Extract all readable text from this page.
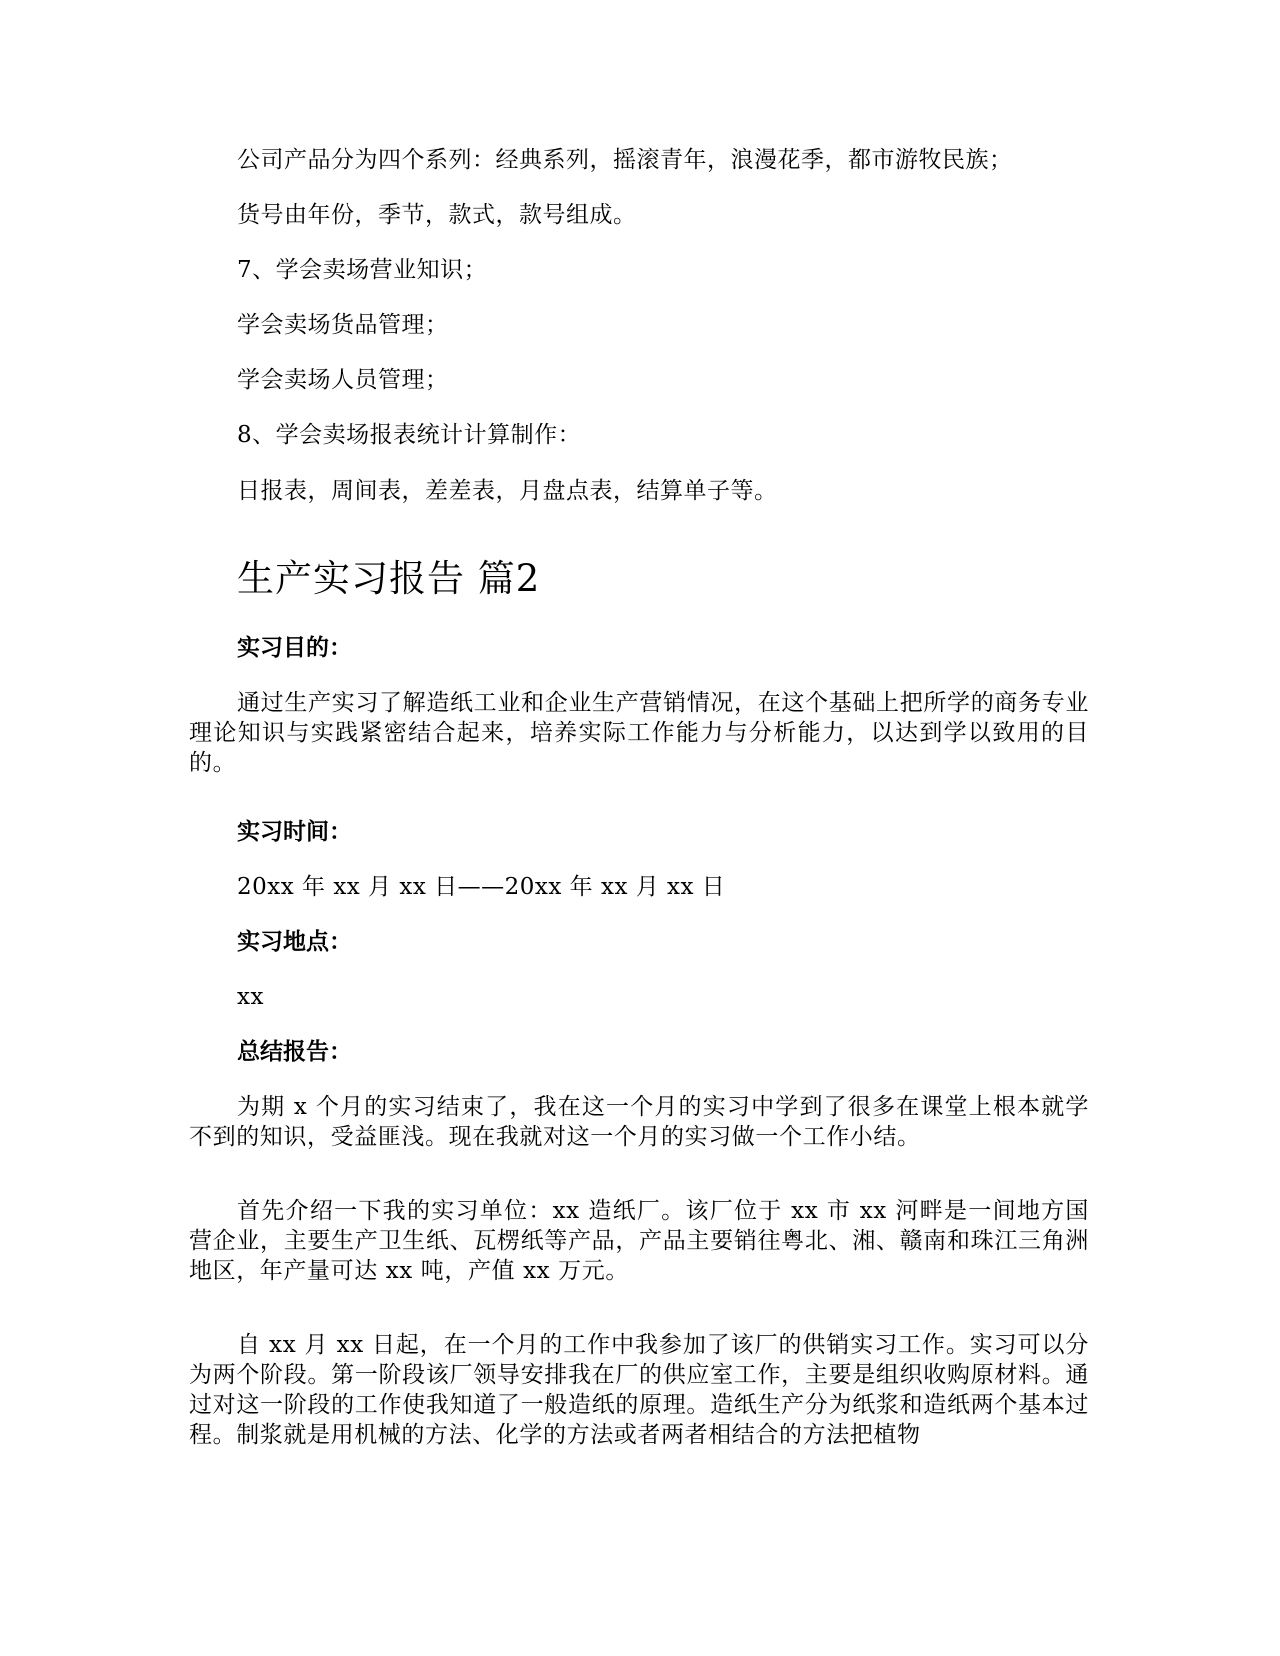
公司产品分为四个系列：经典系列，摇滚青年，浪漫花季，都市游牧民族；
货号由年份，季节，款式，款号组成。
7、学会卖场营业知识；
学会卖场货品管理；
学会卖场人员管理；
8、学会卖场报表统计计算制作：
日报表，周间表，差差表，月盘点表，结算单子等。
生产实习报告 篇2
实习目的：
通过生产实习了解造纸工业和企业生产营销情况，在这个基础上把所学的商务专业理论知识与实践紧密结合起来，培养实际工作能力与分析能力，以达到学以致用的目的。
实习时间：
20xx 年 xx 月 xx 日——20xx 年 xx 月 xx 日
实习地点：
xx
总结报告：
为期 x 个月的实习结束了，我在这一个月的实习中学到了很多在课堂上根本就学不到的知识，受益匪浅。现在我就对这一个月的实习做一个工作小结。
首先介绍一下我的实习单位：xx 造纸厂。该厂位于 xx 市 xx 河畔是一间地方国营企业，主要生产卫生纸、瓦楞纸等产品，产品主要销往粤北、湘、赣南和珠江三角洲地区，年产量可达 xx 吨，产值 xx 万元。
自 xx 月 xx 日起，在一个月的工作中我参加了该厂的供销实习工作。实习可以分为两个阶段。第一阶段该厂领导安排我在厂的供应室工作，主要是组织收购原材料。通过对这一阶段的工作使我知道了一般造纸的原理。造纸生产分为纸浆和造纸两个基本过程。制浆就是用机械的方法、化学的方法或者两者相结合的方法把植物
